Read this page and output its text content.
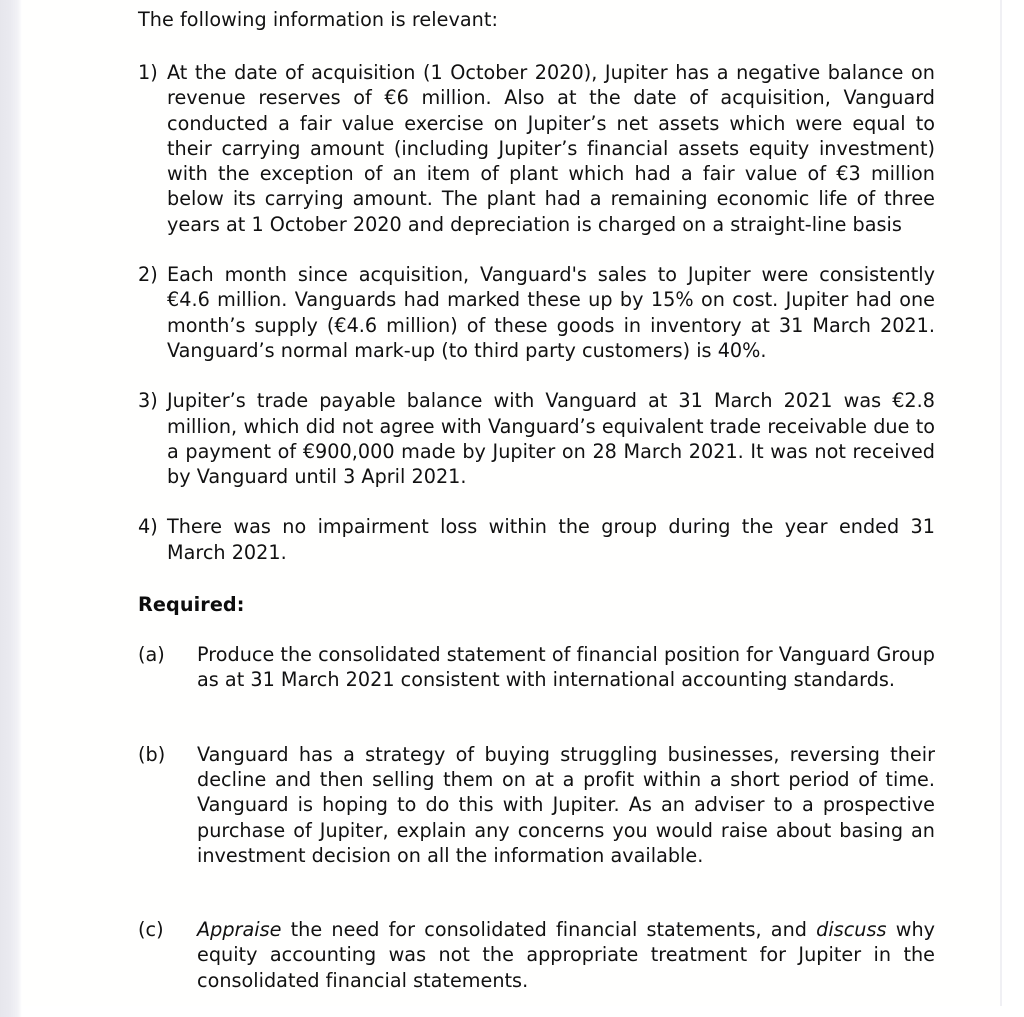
The following information is relevant:
1) At the date of acquisition (1 October 2020), Jupiter has a negative balance on revenue reserves of €6 million. Also at the date of acquisition, Vanguard conducted a fair value exercise on Jupiter’s net assets which were equal to their carrying amount (including Jupiter’s financial assets equity investment) with the exception of an item of plant which had a fair value of €3 million below its carrying amount. The plant had a remaining economic life of three years at 1 October 2020 and depreciation is charged on a straight-line basis
2) Each month since acquisition, Vanguard's sales to Jupiter were consistently €4.6 million. Vanguards had marked these up by 15% on cost. Jupiter had one month’s supply (€4.6 million) of these goods in inventory at 31 March 2021. Vanguard’s normal mark-up (to third party customers) is 40%.
3) Jupiter’s trade payable balance with Vanguard at 31 March 2021 was €2.8 million, which did not agree with Vanguard’s equivalent trade receivable due to a payment of €900,000 made by Jupiter on 28 March 2021. It was not received by Vanguard until 3 April 2021.
4) There was no impairment loss within the group during the year ended 31 March 2021.
Required:
(a)	Produce the consolidated statement of financial position for Vanguard Group as at 31 March 2021 consistent with international accounting standards.
(b)	Vanguard has a strategy of buying struggling businesses, reversing their decline and then selling them on at a profit within a short period of time. Vanguard is hoping to do this with Jupiter. As an adviser to a prospective purchase of Jupiter, explain any concerns you would raise about basing an investment decision on all the information available.
(c)	Appraise the need for consolidated financial statements, and discuss why equity accounting was not the appropriate treatment for Jupiter in the consolidated financial statements.
